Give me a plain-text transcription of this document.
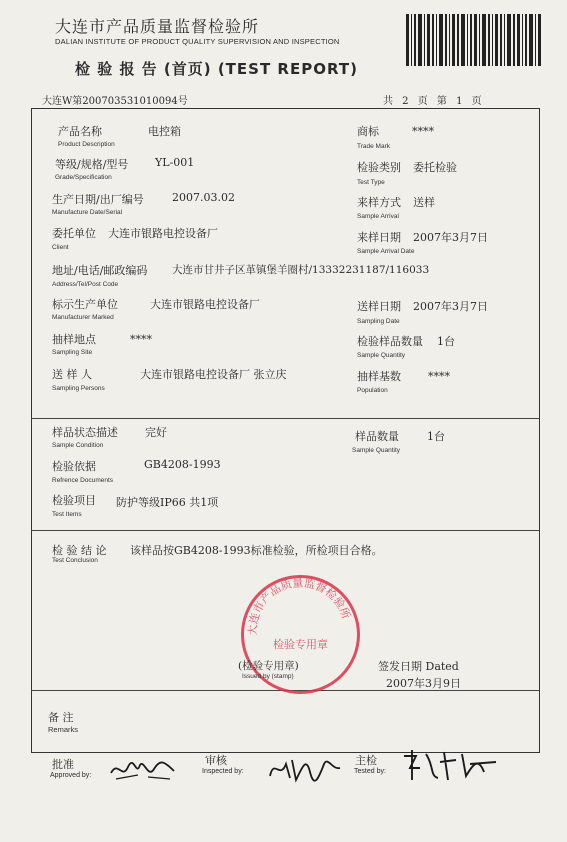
大连市产品质量监督检验所
DALIAN INSTITUTE OF PRODUCT QUALITY SUPERVISION AND INSPECTION
检 验 报 告 (首页) (TEST REPORT)
大连W第20070353101009​4号	共 2 页 第 1 页
产品名称	电控箱
Product Description
商标	****
Trade Mark
等级/规格/型号 YL-001
Grade/Specification
检验类别 委托检验
Test Type
生产日期/出厂编号	2007.03.02
Manufacture Date/Serial
来样方式 送样
Sample Arrival
委托单位 大连市银路电控设备厂
Client
来样日期 2007年3月7日
Sample Arrival Date
地址/电话/邮政编码 大连市甘井子区革镇堡羊圈村/13332231187/116033
Address/Tel/Post Code
标示生产单位	大连市银路电控设备厂
Manufacturer Marked
送样日期 2007年3月7日
Sampling Date
抽样地点	****
Sampling Site
检验样品数量 1台
Sample Quantity
送 样 人	大连市银路电控设备厂 张立庆
Sampling Persons
抽样基数 ****
Population
样品状态描述 完好
Sample Condition
样品数量	1台
Sample Quantity
检验依据	GB4208-1993
Refrence Documents
检验项目 防护等级IP66 共1项
Test Items
检 验 结 论 该样品按GB4208-1993标准检验，所检项目合格。
Test Conclusion
大连市产品质量监督检验所
检验专用章
(检验专用章)
Issued by (stamp)
签发日期 Dated
2007年3月9日
备 注
Remarks
批准
Approved by:
审核
Inspected by:
主检
Tested by:
